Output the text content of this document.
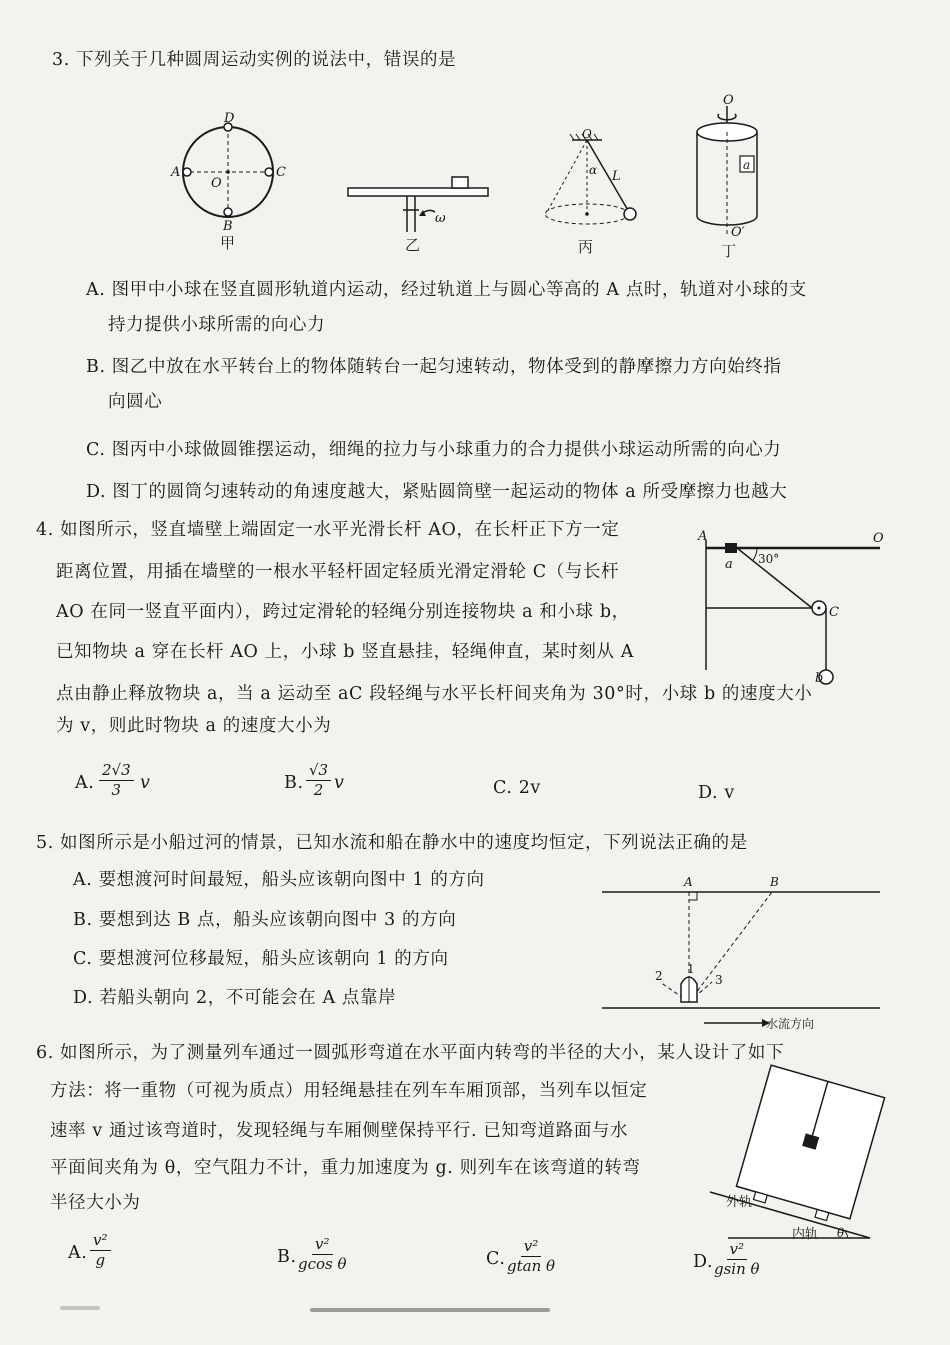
3. 下列关于几种圆周运动实例的说法中，错误的是
D
A
O
C
B
甲
ω
乙
O
α L
丙
O
a
O′
丁
A. 图甲中小球在竖直圆形轨道内运动，经过轨道上与圆心等高的 A 点时，轨道对小球的支
持力提供小球所需的向心力
B. 图乙中放在水平转台上的物体随转台一起匀速转动，物体受到的静摩擦力方向始终指
向圆心
C. 图丙中小球做圆锥摆运动，细绳的拉力与小球重力的合力提供小球运动所需的向心力
D. 图丁的圆筒匀速转动的角速度越大，紧贴圆筒壁一起运动的物体 a 所受摩擦力也越大
4. 如图所示，竖直墙壁上端固定一水平光滑长杆 AO，在长杆正下方一定
距离位置，用插在墙壁的一根水平轻杆固定轻质光滑定滑轮 C（与长杆
AO 在同一竖直平面内），跨过定滑轮的轻绳分别连接物块 a 和小球 b，
已知物块 a 穿在长杆 AO 上，小球 b 竖直悬挂，轻绳伸直，某时刻从 A
点由静止释放物块 a，当 a 运动至 aC 段轻绳与水平长杆间夹角为 30°时，小球 b 的速度大小
为 v，则此时物块 a 的速度大小为
A	O
a 30°
C
b
A. $\frac{2√3}{3}$ v	B. $\frac{√3}{2}$ v	C. 2v	D. v
5. 如图所示是小船过河的情景，已知水流和船在静水中的速度均恒定，下列说法正确的是
A. 要想渡河时间最短，船头应该朝向图中 1 的方向
B. 要想到达 B 点，船头应该朝向图中 3 的方向
C. 要想渡河位移最短，船头应该朝向 1 的方向
D. 若船头朝向 2，不可能会在 A 点靠岸
A	B
1
2	3
水流方向
6. 如图所示，为了测量列车通过一圆弧形弯道在水平面内转弯的半径的大小，某人设计了如下
方法：将一重物（可视为质点）用轻绳悬挂在列车车厢顶部，当列车以恒定
速率 v 通过该弯道时，发现轻绳与车厢侧壁保持平行. 已知弯道路面与水
平面间夹角为 θ，空气阻力不计，重力加速度为 g. 则列车在该弯道的转弯
半径大小为	外轨
内轨 θ
A. $\frac{\text{v²}}{g}$	B. $\frac{\text{v²}}{\text{gcos θ}}$	C. $\frac{\text{v²}}{\text{gtan θ}}$	D. $\frac{\text{v²}}{\text{gsin θ}}$
